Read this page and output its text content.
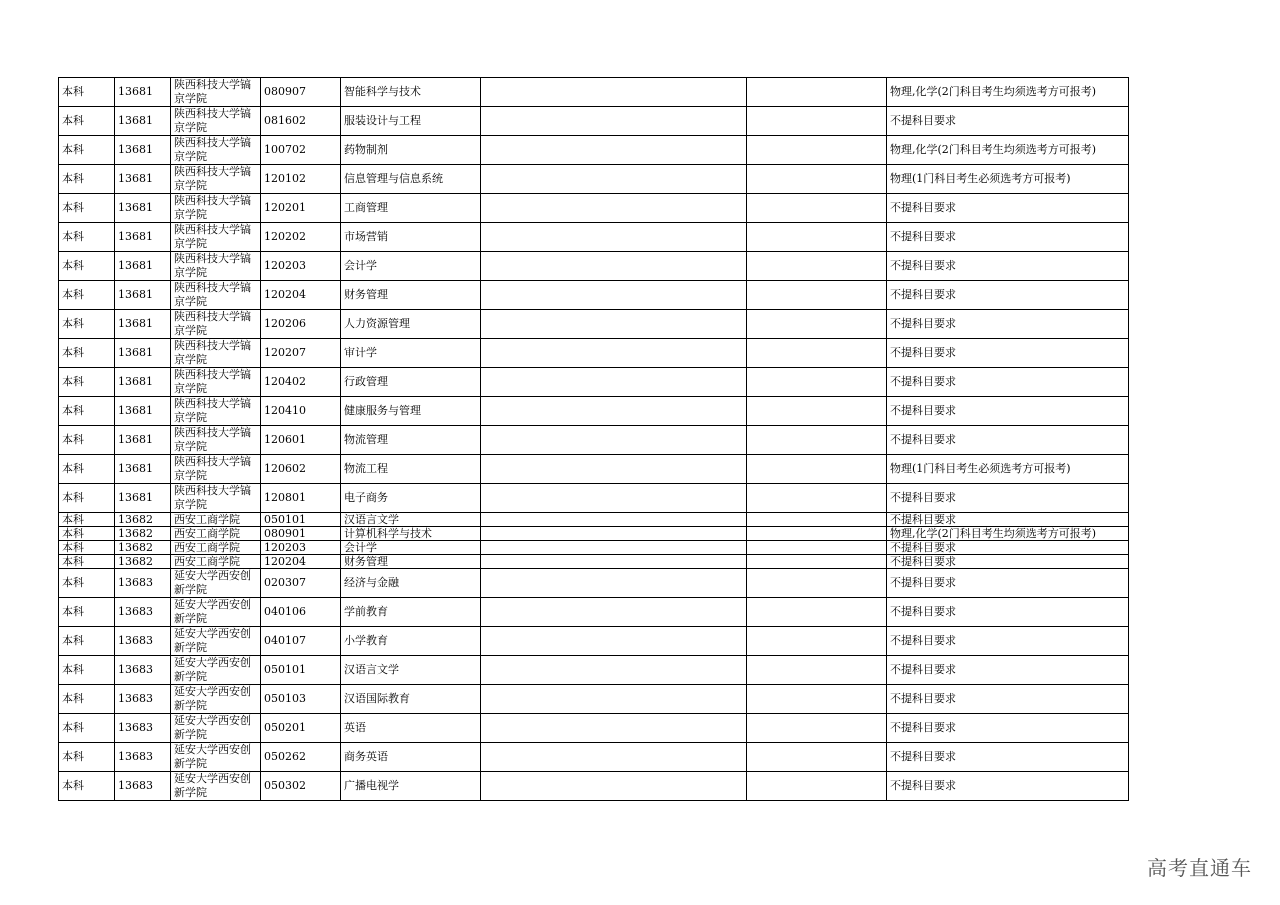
本科	13681	陕西科技大学镐京学院	080907	智能科学与技术			物理,化学(2门科目考生均须选考方可报考)
本科	13681	陕西科技大学镐京学院	081602	服装设计与工程			不提科目要求
本科	13681	陕西科技大学镐京学院	100702	药物制剂			物理,化学(2门科目考生均须选考方可报考)
本科	13681	陕西科技大学镐京学院	120102	信息管理与信息系统			物理(1门科目考生必须选考方可报考)
本科	13681	陕西科技大学镐京学院	120201	工商管理			不提科目要求
本科	13681	陕西科技大学镐京学院	120202	市场营销			不提科目要求
本科	13681	陕西科技大学镐京学院	120203	会计学			不提科目要求
本科	13681	陕西科技大学镐京学院	120204	财务管理			不提科目要求
本科	13681	陕西科技大学镐京学院	120206	人力资源管理			不提科目要求
本科	13681	陕西科技大学镐京学院	120207	审计学			不提科目要求
本科	13681	陕西科技大学镐京学院	120402	行政管理			不提科目要求
本科	13681	陕西科技大学镐京学院	120410	健康服务与管理			不提科目要求
本科	13681	陕西科技大学镐京学院	120601	物流管理			不提科目要求
本科	13681	陕西科技大学镐京学院	120602	物流工程			物理(1门科目考生必须选考方可报考)
本科	13681	陕西科技大学镐京学院	120801	电子商务			不提科目要求
本科	13682	西安工商学院	050101	汉语言文学			不提科目要求
本科	13682	西安工商学院	080901	计算机科学与技术			物理,化学(2门科目考生均须选考方可报考)
本科	13682	西安工商学院	120203	会计学			不提科目要求
本科	13682	西安工商学院	120204	财务管理			不提科目要求
本科	13683	延安大学西安创新学院	020307	经济与金融			不提科目要求
本科	13683	延安大学西安创新学院	040106	学前教育			不提科目要求
本科	13683	延安大学西安创新学院	040107	小学教育			不提科目要求
本科	13683	延安大学西安创新学院	050101	汉语言文学			不提科目要求
本科	13683	延安大学西安创新学院	050103	汉语国际教育			不提科目要求
本科	13683	延安大学西安创新学院	050201	英语			不提科目要求
本科	13683	延安大学西安创新学院	050262	商务英语			不提科目要求
本科	13683	延安大学西安创新学院	050302	广播电视学			不提科目要求
高考直通车
